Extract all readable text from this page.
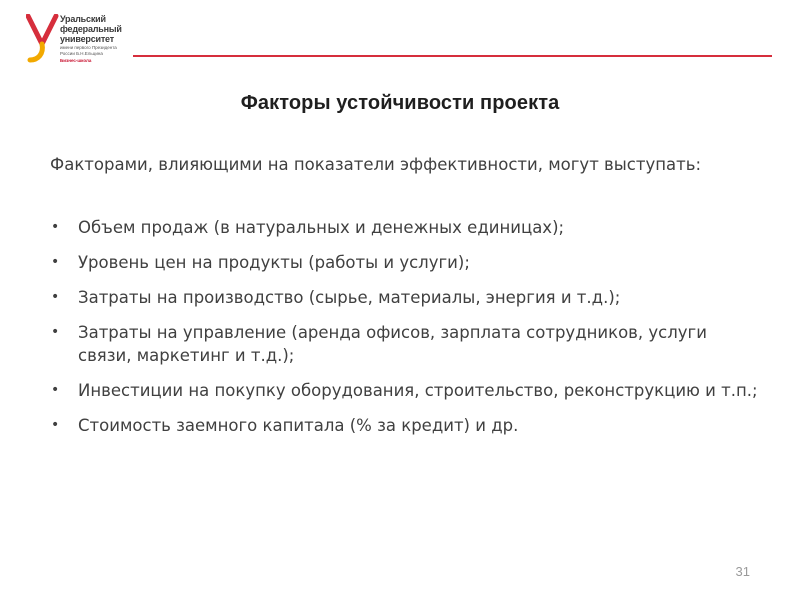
Уральский
федеральный
университет
имени первого Президента
России Б.Н.Ельцина
Бизнес-школа
Факторы устойчивости проекта
Факторами, влияющими на показатели эффективности, могут выступать:
• Объем продаж (в натуральных и денежных единицах);
• Уровень цен на продукты (работы и услуги);
• Затраты на производство (сырье, материалы, энергия и т.д.);
• Затраты на управление (аренда офисов, зарплата сотрудников, услуги связи, маркетинг и т.д.);
• Инвестиции на покупку оборудования, строительство, реконструкцию и т.п.;
• Стоимость заемного капитала (% за кредит) и др.
31
